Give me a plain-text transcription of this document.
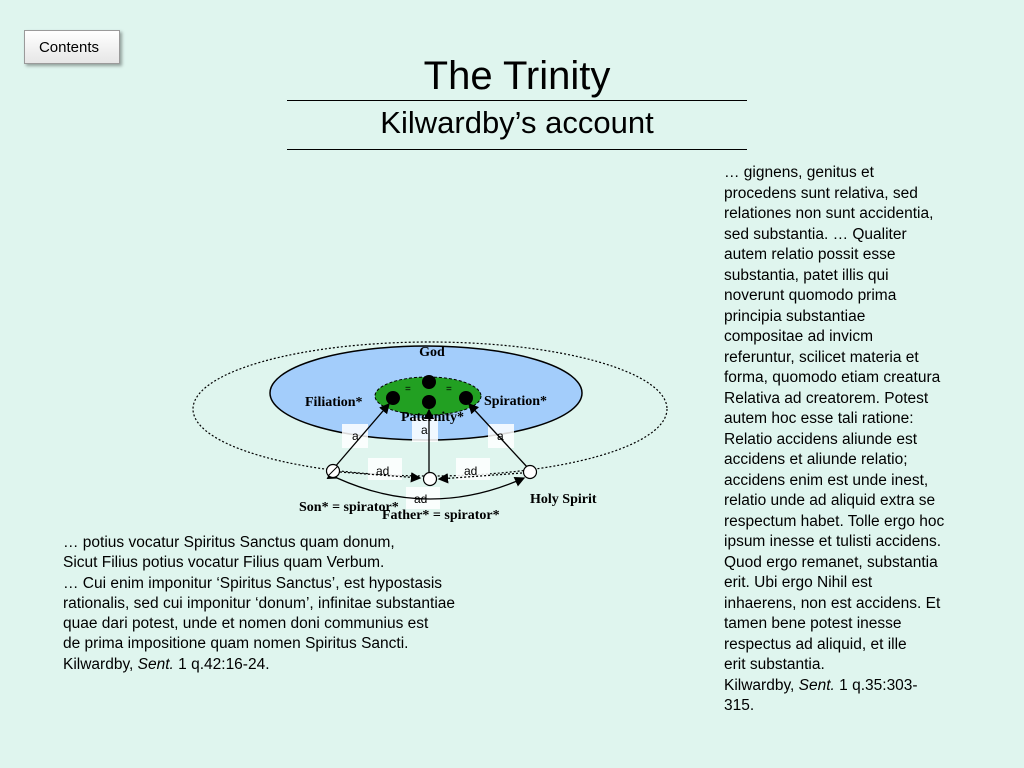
Contents
The Trinity
Kilwardby’s account
God
Filiation*	Spiration*
Paternity*
=	=
a	a	a
ad	ad
ad
Son* = spirator*
Father* = spirator*
Holy Spirit
… gignens, genitus et
procedens sunt relativa, sed
relationes non sunt accidentia,
sed substantia. … Qualiter
autem relatio possit esse
substantia, patet illis qui
noverunt quomodo prima
principia substantiae
compositae ad invicm
referuntur, scilicet materia et
forma, quomodo etiam creatura
Relativa ad creatorem. Potest
autem hoc esse tali ratione:
Relatio accidens aliunde est
accidens et aliunde relatio;
accidens enim est unde inest,
relatio unde ad aliquid extra se
respectum habet. Tolle ergo hoc
ipsum inesse et tulisti accidens.
Quod ergo remanet, substantia
erit. Ubi ergo Nihil est
inhaerens, non est accidens. Et
tamen bene potest inesse
respectus ad aliquid, et ille
erit substantia.
Kilwardby, Sent. 1 q.35:303-
315.
… potius vocatur Spiritus Sanctus quam donum,
Sicut Filius potius vocatur Filius quam Verbum.
… Cui enim imponitur ‘Spiritus Sanctus’, est hypostasis
rationalis, sed cui imponitur ‘donum’, infinitae substantiae
quae dari potest, unde et nomen doni communius est
de prima impositione quam nomen Spiritus Sancti.
Kilwardby, Sent. 1 q.42:16-24.
